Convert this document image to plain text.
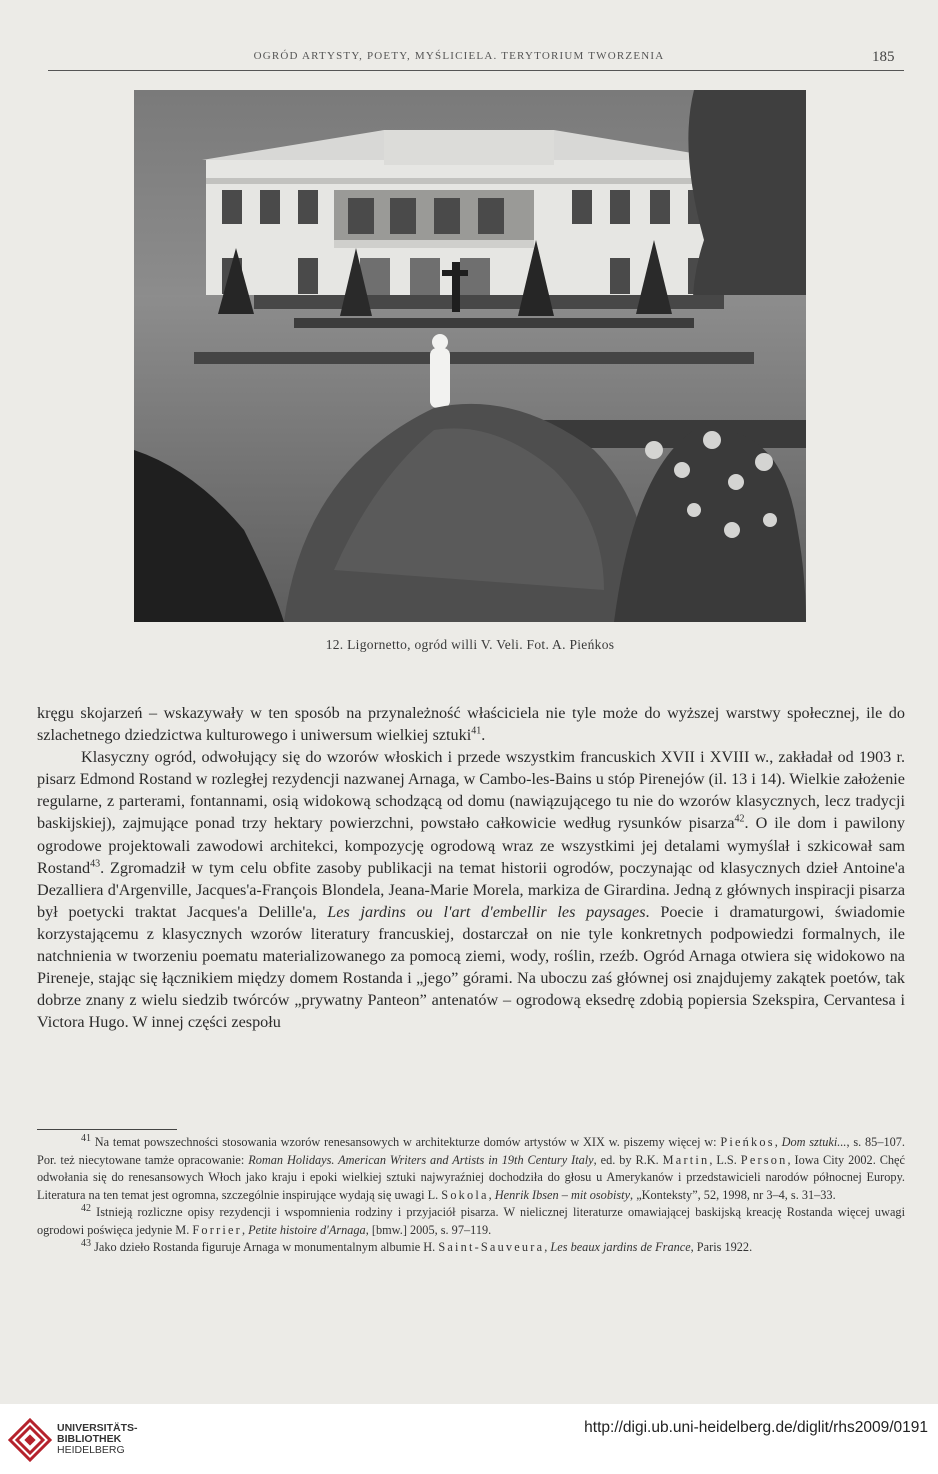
OGRÓD ARTYSTY, POETY, MYŚLICIELA. TERYTORIUM TWORZENIA	185
12. Ligornetto, ogród willi V. Veli. Fot. A. Pieńkos

kręgu skojarzeń – wskazywały w ten sposób na przynależność właściciela nie tyle może do wyższej warstwy społecznej, ile do szlachetnego dziedzictwa kulturowego i uniwersum wielkiej sztuki$^{41}$.

Klasyczny ogród, odwołujący się do wzorów włoskich i przede wszystkim francuskich XVII i XVIII w., zakładał od 1903 r. pisarz Edmond Rostand w rozległej rezydencji nazwanej Arnaga, w Cambo-les-Bains u stóp Pirenejów (il. 13 i 14). Wielkie założenie regularne, z parterami, fontannami, osią widokową schodzącą od domu (nawiązującego tu nie do wzorów klasycznych, lecz tradycji baskijskiej), zajmujące ponad trzy hektary powierzchni, powstało całkowicie według rysunków pisarza$^{42}$. O ile dom i pawilony ogrodowe projektowali zawodowi architekci, kompozycję ogrodową wraz ze wszystkimi jej detalami wymyślał i szkicował sam Rostand$^{43}$. Zgromadził w tym celu obfite zasoby publikacji na temat historii ogrodów, poczynając od klasycznych dzieł Antoine'a Dezalliera d'Argenville, Jacques'a-François Blondela, Jeana-Marie Morela, markiza de Girardina. Jedną z głównych inspiracji pisarza był poetycki traktat Jacques'a Delille'a, Les jardins ou l'art d'embellir les paysages. Poecie i dramaturgowi, świadomie korzystającemu z klasycznych wzorów literatury francuskiej, dostarczał on nie tyle konkretnych podpowiedzi formalnych, ile natchnienia w tworzeniu poematu materializowanego za pomocą ziemi, wody, roślin, rzeźb. Ogród Arnaga otwiera się widokowo na Pireneje, stając się łącznikiem między domem Rostanda i „jego” górami. Na uboczu zaś głównej osi znajdujemy zakątek poetów, tak dobrze znany z wielu siedzib twórców „prywatny Panteon” antenatów – ogrodową eksedrę zdobią popiersia Szekspira, Cervantesa i Victora Hugo. W innej części zespołu

$^{41}$ Na temat powszechności stosowania wzorów renesansowych w architekturze domów artystów w XIX w. piszemy więcej w: Pieńkos, Dom sztuki..., s. 85–107. Por. też niecytowane tamże opracowanie: Roman Holidays. American Writers and Artists in 19th Century Italy, ed. by R.K. Martin, L.S. Person, Iowa City 2002. Chęć odwołania się do renesansowych Włoch jako kraju i epoki wielkiej sztuki najwyraźniej dochodziła do głosu u Amerykanów i przedstawicieli narodów północnej Europy. Literatura na ten temat jest ogromna, szczególnie inspirujące wydają się uwagi L. Sokola, Henrik Ibsen – mit osobisty, „Konteksty”, 52, 1998, nr 3–4, s. 31–33.

$^{42}$ Istnieją rozliczne opisy rezydencji i wspomnienia rodziny i przyjaciół pisarza. W nielicznej literaturze omawiającej baskijską kreację Rostanda więcej uwagi ogrodowi poświęca jedynie M. Forrier, Petite histoire d'Arnaga, [bmw.] 2005, s. 97–119.

$^{43}$ Jako dzieło Rostanda figuruje Arnaga w monumentalnym albumie H. Saint-Sauveura, Les beaux jardins de France, Paris 1922.

UNIVERSITÄTS-
BIBLIOTHEK
HEIDELBERG
http://digi.ub.uni-heidelberg.de/diglit/rhs2009/0191
